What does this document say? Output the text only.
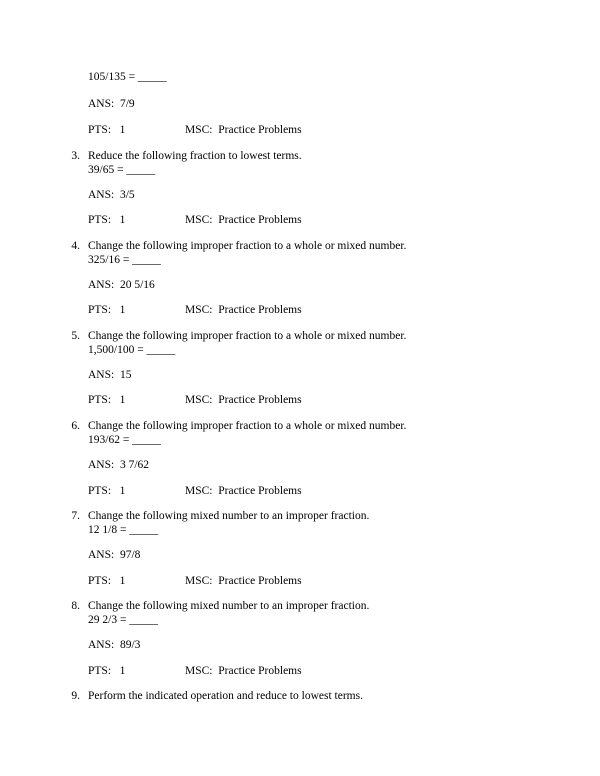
105/135 = _____
ANS:  7/9
PTS:   1	MSC:  Practice Problems
3. Reduce the following fraction to lowest terms.
39/65 = _____
ANS:  3/5
PTS:   1	MSC:  Practice Problems
4. Change the following improper fraction to a whole or mixed number.
325/16 = _____
ANS:  20 5/16
PTS:   1	MSC:  Practice Problems
5. Change the following improper fraction to a whole or mixed number.
1,500/100 = _____
ANS:  15
PTS:   1	MSC:  Practice Problems
6. Change the following improper fraction to a whole or mixed number.
193/62 = _____
ANS:  3 7/62
PTS:   1	MSC:  Practice Problems
7. Change the following mixed number to an improper fraction.
12 1/8 = _____
ANS:  97/8
PTS:   1	MSC:  Practice Problems
8. Change the following mixed number to an improper fraction.
29 2/3 = _____
ANS:  89/3
PTS:   1	MSC:  Practice Problems
9. Perform the indicated operation and reduce to lowest terms.
